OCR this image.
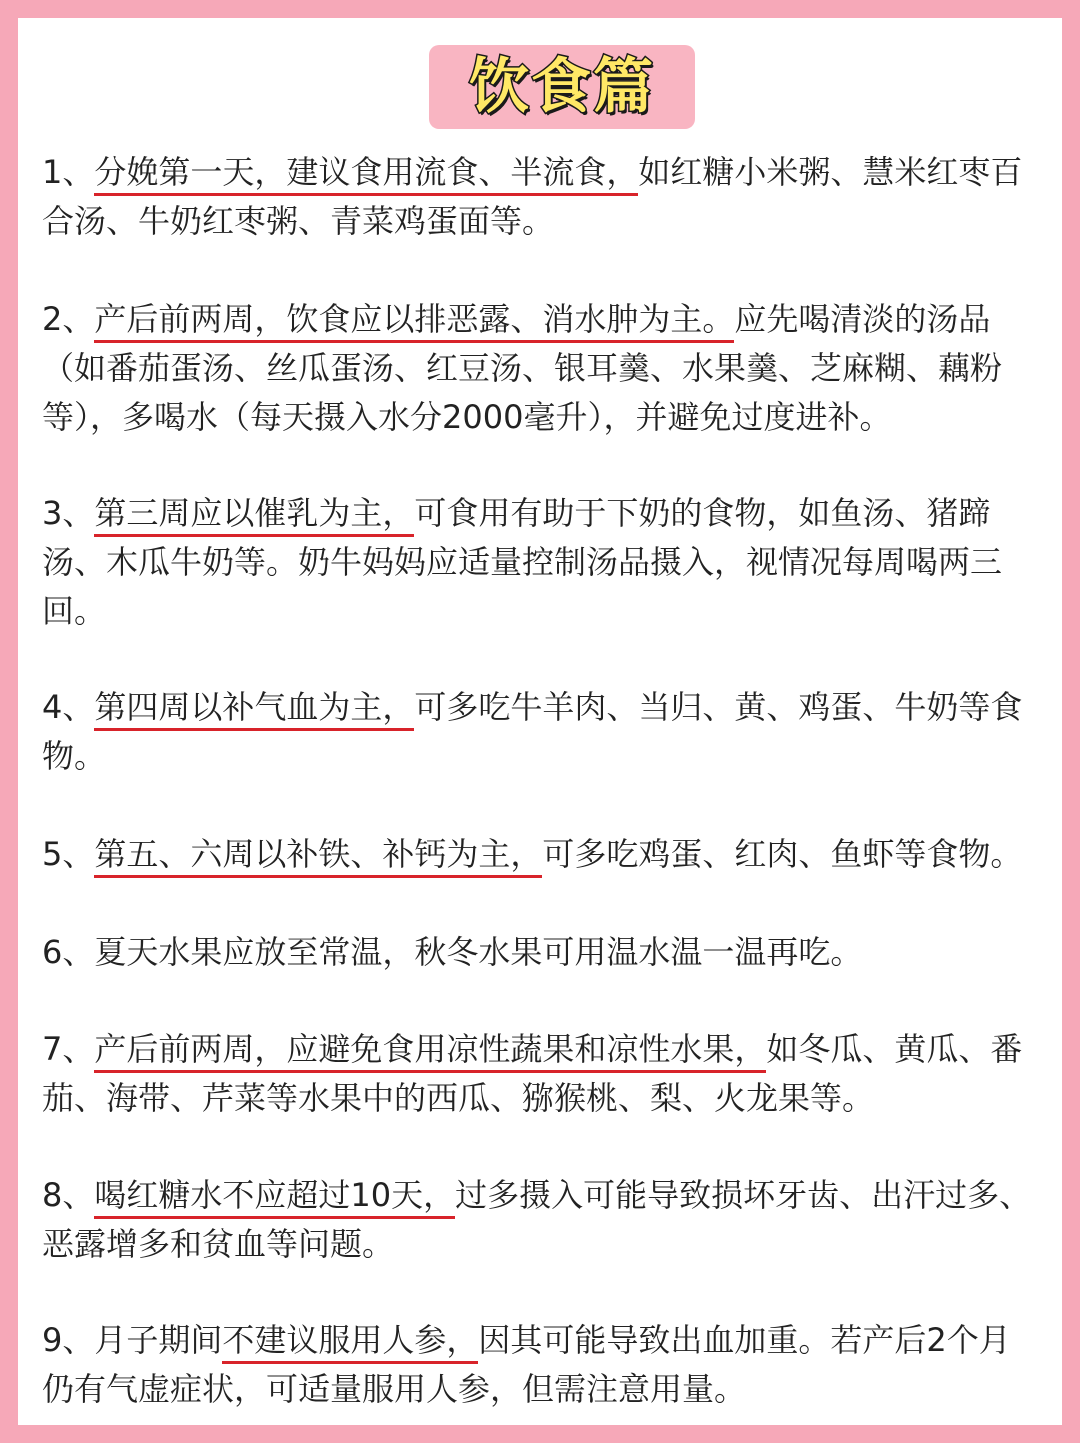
饮食篇

1、分娩第一天，建议食用流食、半流食，如红糖小米粥、慧米红枣百合汤、牛奶红枣粥、青菜鸡蛋面等。

2、产后前两周，饮食应以排恶露、消水肿为主。应先喝清淡的汤品（如番茄蛋汤、丝瓜蛋汤、红豆汤、银耳羹、水果羹、芝麻糊、藕粉等），多喝水（每天摄入水分2000毫升），并避免过度进补。

3、第三周应以催乳为主，可食用有助于下奶的食物，如鱼汤、猪蹄汤、木瓜牛奶等。奶牛妈妈应适量控制汤品摄入，视情况每周喝两三回。

4、第四周以补气血为主，可多吃牛羊肉、当归、黄、鸡蛋、牛奶等食物。

5、第五、六周以补铁、补钙为主，可多吃鸡蛋、红肉、鱼虾等食物。

6、夏天水果应放至常温，秋冬水果可用温水温一温再吃。

7、产后前两周，应避免食用凉性蔬果和凉性水果，如冬瓜、黄瓜、番茄、海带、芹菜等水果中的西瓜、猕猴桃、梨、火龙果等。

8、喝红糖水不应超过10天，过多摄入可能导致损坏牙齿、出汗过多、恶露增多和贫血等问题。

9、月子期间不建议服用人参，因其可能导致出血加重。若产后2个月仍有气虚症状，可适量服用人参，但需注意用量。
